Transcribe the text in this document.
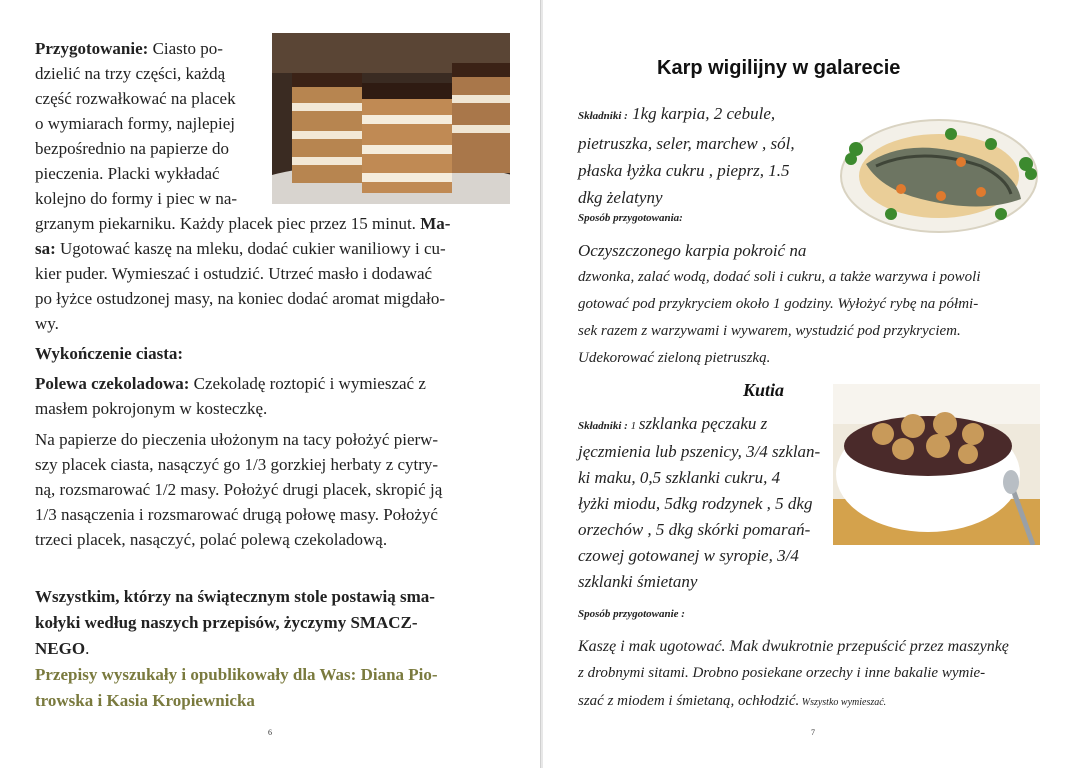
Przygotowanie: Ciasto po-
dzielić na trzy części, każdą
część rozwałkować na placek
o wymiarach formy, najlepiej
bezpośrednio na papierze do
pieczenia. Placki wykładać
kolejno do formy i piec w na-
grzanym piekarniku. Każdy placek piec przez 15 minut. Ma-
sa: Ugotować kaszę na mleku, dodać cukier waniliowy i cu-
kier puder. Wymieszać i ostudzić. Utrzeć masło i dodawać
po łyżce ostudzonej masy, na koniec dodać aromat migdało-
wy.
Wykończenie ciasta:
Polewa czekoladowa: Czekoladę roztopić i wymieszać z
masłem pokrojonym w kosteczkę.
Na papierze do pieczenia ułożonym na tacy położyć pierw-
szy placek ciasta, nasączyć go 1/3 gorzkiej herbaty z cytry-
ną, rozsmarować 1/2 masy. Położyć drugi placek, skropić ją
1/3 nasączenia i rozsmarować drugą połowę masy. Położyć
trzeci placek, nasączyć, polać polewą czekoladową.
Wszystkim, którzy na świątecznym stole postawią sma-
kołyki według naszych przepisów, życzymy SMACZ-
NEGO.
Przepisy wyszukały i opublikowały dla Was: Diana Pio-
trowska i Kasia Kropiewnicka
6
Karp wigilijny w galarecie
Składniki : 1kg karpia, 2 cebule,
pietruszka, seler, marchew , sól,
płaska łyżka cukru , pieprz, 1.5
dkg żelatyny
Sposób przygotowania:
Oczyszczonego karpia pokroić na
dzwonka, zalać wodą, dodać soli i cukru, a także warzywa i powoli
gotować pod przykryciem około 1 godziny. Wyłożyć rybę na półmi-
sek razem z warzywami i wywarem, wystudzić pod przykryciem.
Udekorować zieloną pietruszką.
Kutia
Składniki : 1 szklanka pęczaku z
jęczmienia lub pszenicy, 3/4 szklan-
ki maku, 0,5 szklanki cukru, 4
łyżki miodu, 5dkg rodzynek , 5 dkg
orzechów , 5 dkg skórki pomarań-
czowej gotowanej w syropie, 3/4
szklanki śmietany
Sposób przygotowanie :
Kaszę i mak ugotować. Mak dwukrotnie przepuścić przez maszynkę
z drobnymi sitami. Drobno posiekane orzechy i inne bakalie wymie-
szać z miodem i śmietaną, ochłodzić. Wszystko wymieszać.
7
